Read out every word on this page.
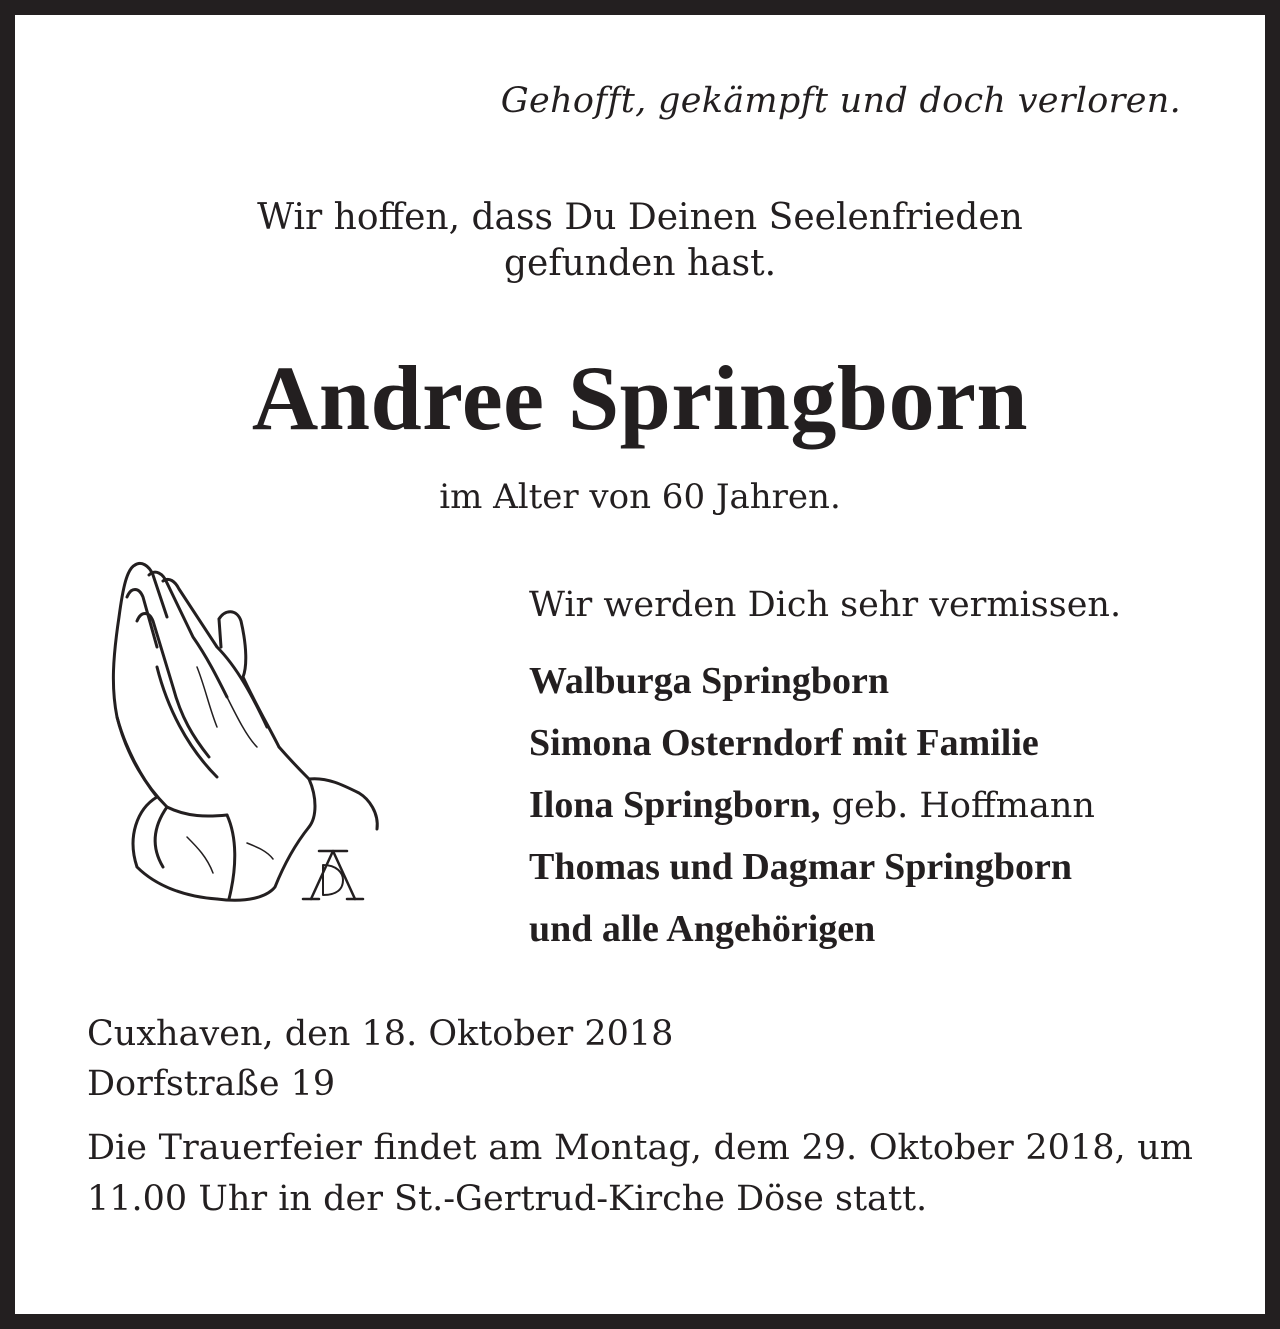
Gehofft, gekämpft und doch verloren.
Wir hoffen, dass Du Deinen Seelenfrieden
gefunden hast.
Andree Springborn
im Alter von 60 Jahren.
Wir werden Dich sehr vermissen.
Walburga Springborn
Simona Osterndorf mit Familie
Ilona Springborn, geb. Hoffmann
Thomas und Dagmar Springborn
und alle Angehörigen
Cuxhaven, den 18. Oktober 2018
Dorfstraße 19
Die Trauerfeier findet am Montag, dem 29. Oktober 2018, um 11.00 Uhr in der St.-Gertrud-Kirche Döse statt.
